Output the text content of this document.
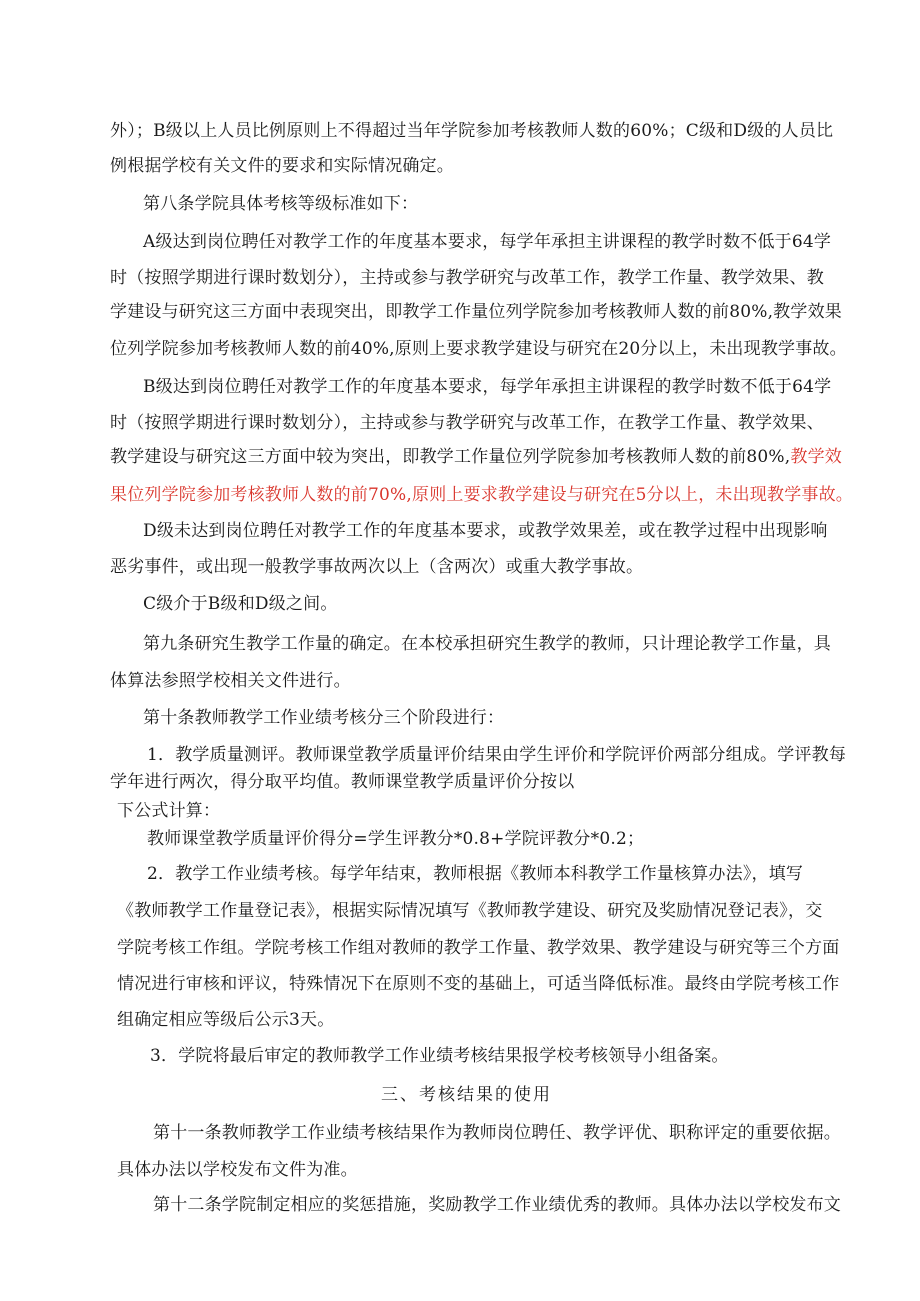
外）；B级以上人员比例原则上不得超过当年学院参加考核教师人数的60%；C级和D级的人员比
例根据学校有关文件的要求和实际情况确定。
第八条学院具体考核等级标准如下：
A级达到岗位聘任对教学工作的年度基本要求，每学年承担主讲课程的教学时数不低于64学
时（按照学期进行课时数划分），主持或参与教学研究与改革工作，教学工作量、教学效果、教
学建设与研究这三方面中表现突出，即教学工作量位列学院参加考核教师人数的前80%,教学效果
位列学院参加考核教师人数的前40%,原则上要求教学建设与研究在20分以上，未出现教学事故。
B级达到岗位聘任对教学工作的年度基本要求，每学年承担主讲课程的教学时数不低于64学
时（按照学期进行课时数划分），主持或参与教学研究与改革工作，在教学工作量、教学效果、
教学建设与研究这三方面中较为突出，即教学工作量位列学院参加考核教师人数的前80%,教学效
果位列学院参加考核教师人数的前70%,原则上要求教学建设与研究在5分以上，未出现教学事故。
D级未达到岗位聘任对教学工作的年度基本要求，或教学效果差，或在教学过程中出现影响
恶劣事件，或出现一般教学事故两次以上（含两次）或重大教学事故。
C级介于B级和D级之间。
第九条研究生教学工作量的确定。在本校承担研究生教学的教师，只计理论教学工作量，具
体算法参照学校相关文件进行。
第十条教师教学工作业绩考核分三个阶段进行：
1．教学质量测评。教师课堂教学质量评价结果由学生评价和学院评价两部分组成。学评教每
学年进行两次，得分取平均值。教师课堂教学质量评价分按以
下公式计算：
教师课堂教学质量评价得分=学生评教分*0.8+学院评教分*0.2；
2．教学工作业绩考核。每学年结束，教师根据《教师本科教学工作量核算办法》，填写
《教师教学工作量登记表》，根据实际情况填写《教师教学建设、研究及奖励情况登记表》，交
学院考核工作组。学院考核工作组对教师的教学工作量、教学效果、教学建设与研究等三个方面
情况进行审核和评议，特殊情况下在原则不变的基础上，可适当降低标准。最终由学院考核工作
组确定相应等级后公示3天。
3．学院将最后审定的教师教学工作业绩考核结果报学校考核领导小组备案。
三、考核结果的使用
第十一条教师教学工作业绩考核结果作为教师岗位聘任、教学评优、职称评定的重要依据。
具体办法以学校发布文件为准。
第十二条学院制定相应的奖惩措施，奖励教学工作业绩优秀的教师。具体办法以学校发布文
